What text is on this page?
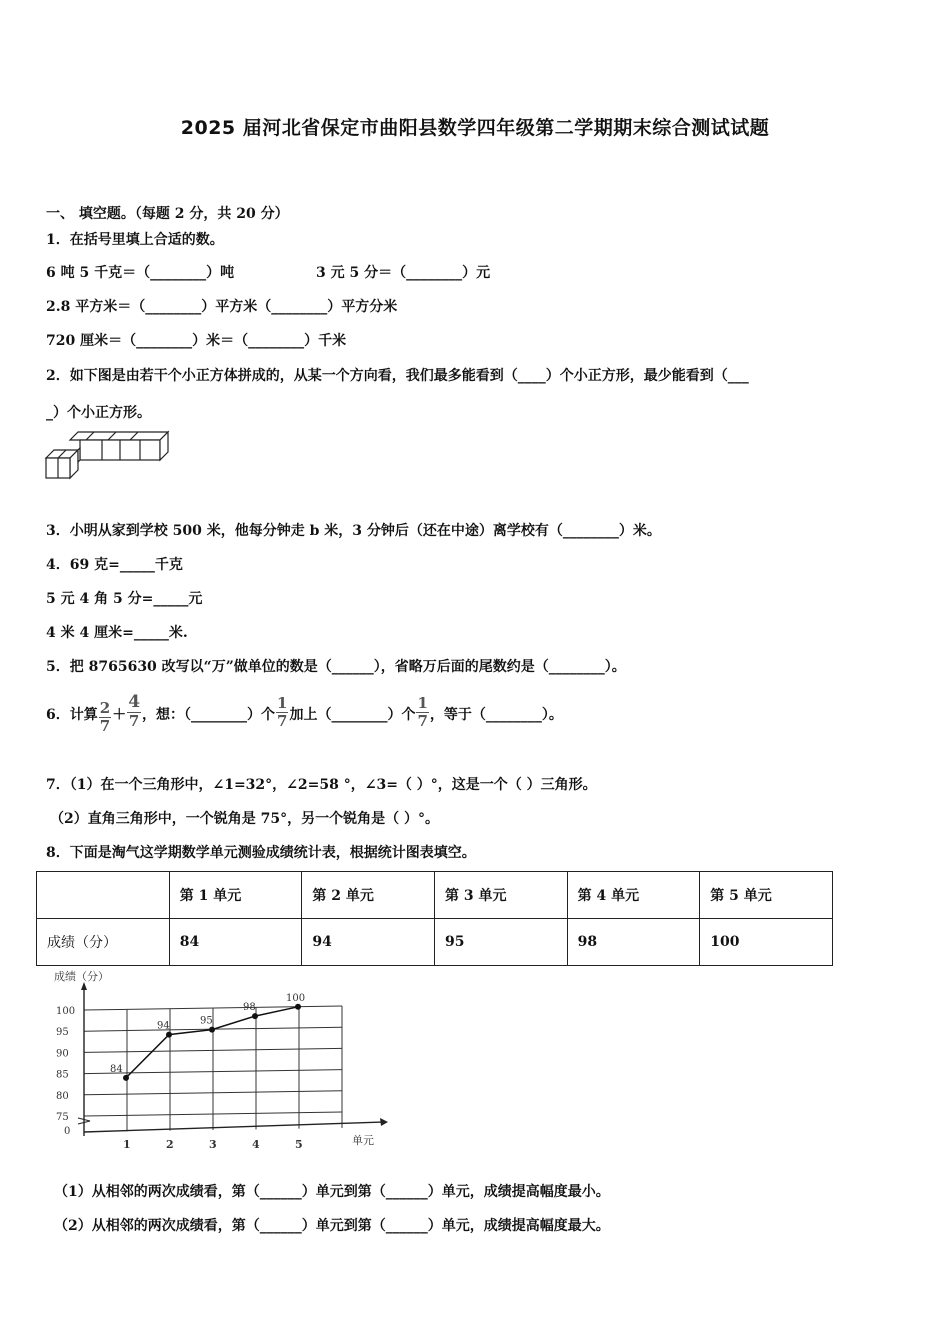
2025 届河北省保定市曲阳县数学四年级第二学期期末综合测试试题
一、 填空题。（每题 2 分，共 20 分）
1．在括号里填上合适的数。
6 吨 5 千克＝（________）吨	3 元 5 分＝（________）元
2.8 平方米＝（________）平方米（________）平方分米
720 厘米＝（________）米＝（________）千米
2．如下图是由若干个小正方体拼成的，从某一个方向看，我们最多能看到（____）个小正方形，最少能看到（___
_）个小正方形。
3．小明从家到学校 500 米，他每分钟走 b 米，3 分钟后（还在中途）离学校有（________）米。
4．69 克=_____千克
5 元 4 角 5 分=_____元
4 米 4 厘米=_____米.
5．把 8765630 改写以“万”做单位的数是（______），省略万后面的尾数约是（________）。
6．计算 $\frac{2}{7} + \frac{4}{7}$ ，想：（________）个 $\frac{1}{7}$ 加上（________）个 $\frac{1}{7}$ ，等于（________）。
7．（1）在一个三角形中，∠1=32°，∠2=58 °，∠3=（ ）°，这是一个（ ）三角形。
（2）直角三角形中，一个锐角是 75°，另一个锐角是（ ）°。
8．下面是淘气这学期数学单元测验成绩统计表，根据统计图表填空。
	第 1 单元	第 2 单元	第 3 单元	第 4 单元	第 5 单元
成绩（分）	84	94	95	98	100
成绩（分）
单元
100
95
90
85
80
75
0
1	2	3	4	5
84
94	95
98
100
（1）从相邻的两次成绩看，第（______）单元到第（______）单元，成绩提高幅度最小。
（2）从相邻的两次成绩看，第（______）单元到第（______）单元，成绩提高幅度最大。
